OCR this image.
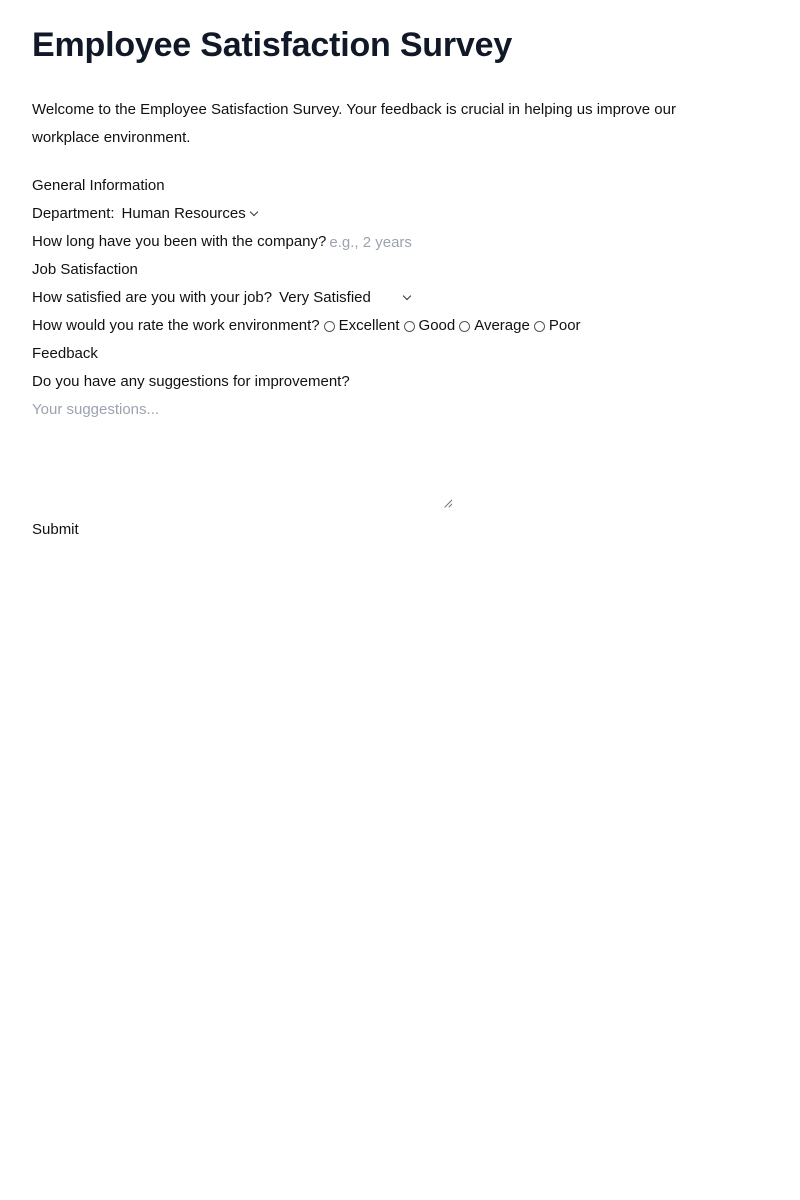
Employee Satisfaction Survey

Welcome to the Employee Satisfaction Survey. Your feedback is crucial in helping us improve our workplace environment.

General Information
Department: Human Resources
How long have you been with the company?
e.g., 2 years
Job Satisfaction
How satisfied are you with your job? Very Satisfied
How would you rate the work environment? Excellent Good Average Poor
Feedback
Do you have any suggestions for improvement?
Your suggestions...
Submit
